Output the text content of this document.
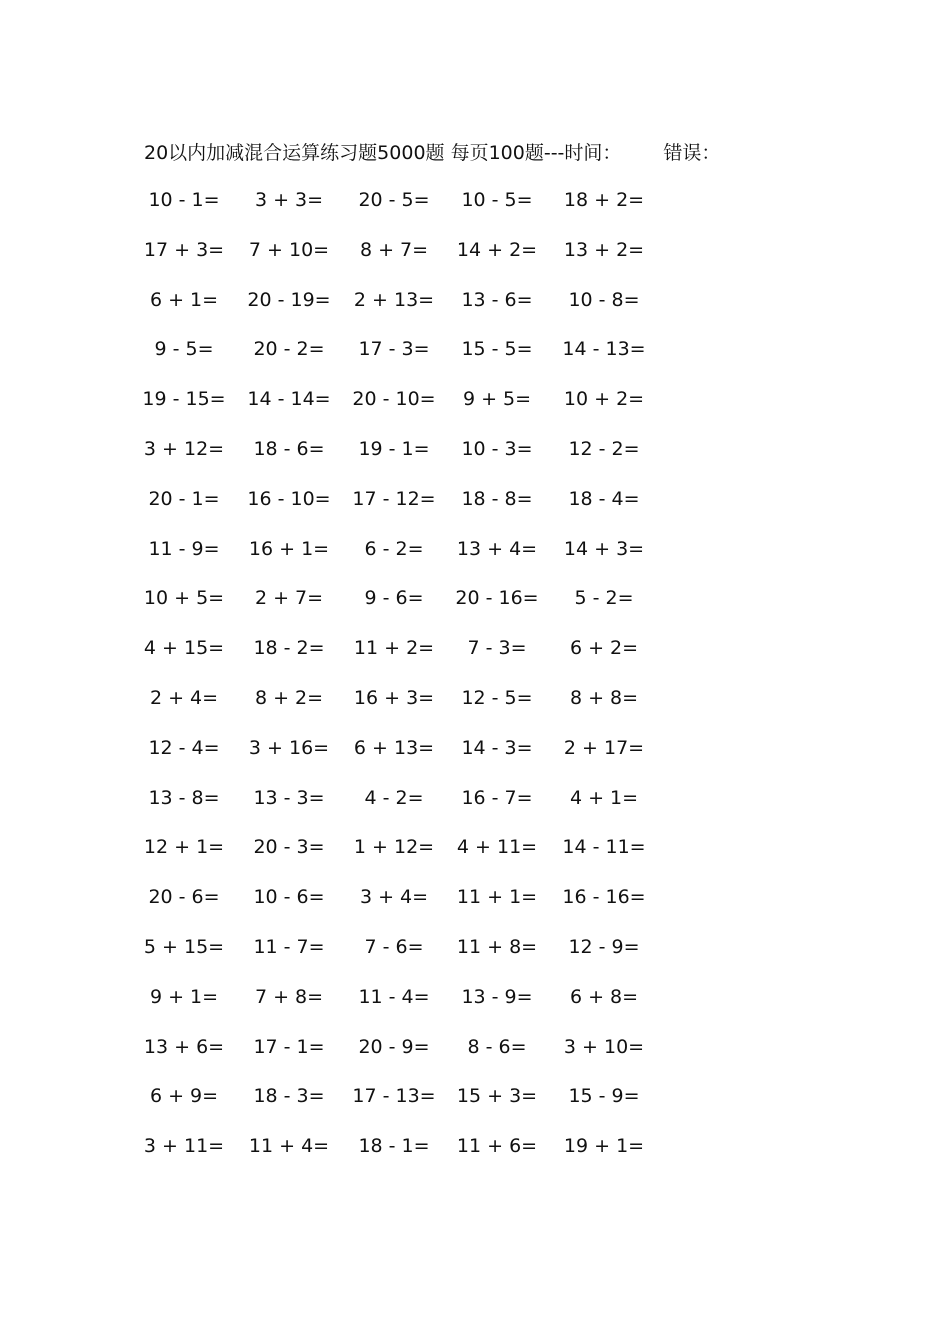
20以内加减混合运算练习题5000题 每页100题---时间： 错误：
10 - 1= 3 + 3= 20 - 5= 10 - 5= 18 + 2=
17 + 3= 7 + 10= 8 + 7= 14 + 2= 13 + 2=
6 + 1= 20 - 19= 2 + 13= 13 - 6= 10 - 8=
9 - 5= 20 - 2= 17 - 3= 15 - 5= 14 - 13=
19 - 15= 14 - 14= 20 - 10= 9 + 5= 10 + 2=
3 + 12= 18 - 6= 19 - 1= 10 - 3= 12 - 2=
20 - 1= 16 - 10= 17 - 12= 18 - 8= 18 - 4=
11 - 9= 16 + 1= 6 - 2= 13 + 4= 14 + 3=
10 + 5= 2 + 7= 9 - 6= 20 - 16= 5 - 2=
4 + 15= 18 - 2= 11 + 2= 7 - 3= 6 + 2=
2 + 4= 8 + 2= 16 + 3= 12 - 5= 8 + 8=
12 - 4= 3 + 16= 6 + 13= 14 - 3= 2 + 17=
13 - 8= 13 - 3= 4 - 2= 16 - 7= 4 + 1=
12 + 1= 20 - 3= 1 + 12= 4 + 11= 14 - 11=
20 - 6= 10 - 6= 3 + 4= 11 + 1= 16 - 16=
5 + 15= 11 - 7= 7 - 6= 11 + 8= 12 - 9=
9 + 1= 7 + 8= 11 - 4= 13 - 9= 6 + 8=
13 + 6= 17 - 1= 20 - 9= 8 - 6= 3 + 10=
6 + 9= 18 - 3= 17 - 13= 15 + 3= 15 - 9=
3 + 11= 11 + 4= 18 - 1= 11 + 6= 19 + 1=
